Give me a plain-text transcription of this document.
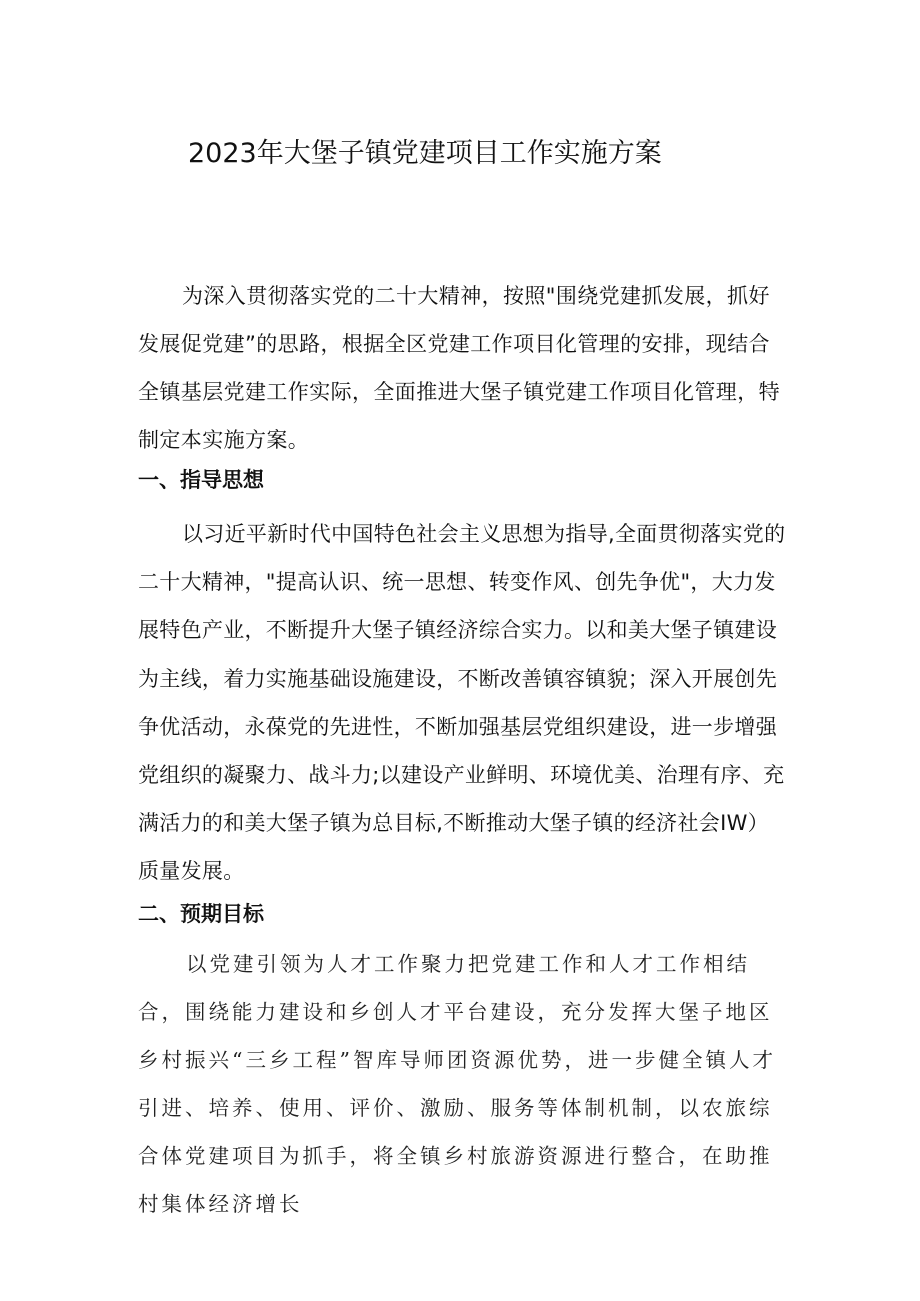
2023年大堡子镇党建项目工作实施方案
为深入贯彻落实党的二十大精神，按照"围绕党建抓发展，抓好发展促党建”的思路，根据全区党建工作项目化管理的安排，现结合全镇基层党建工作实际，全面推进大堡子镇党建工作项目化管理，特制定本实施方案。
一、指导思想
以习近平新时代中国特色社会主义思想为指导,全面贯彻落实党的二十大精神，"提高认识、统一思想、转变作风、创先争优"，大力发展特色产业，不断提升大堡子镇经济综合实力。以和美大堡子镇建设为主线，着力实施基础设施建设，不断改善镇容镇貌；深入开展创先争优活动，永葆党的先进性，不断加强基层党组织建设，进一步增强党组织的凝聚力、战斗力;以建设产业鲜明、环境优美、治理有序、充满活力的和美大堡子镇为总目标,不断推动大堡子镇的经济社会IW）质量发展。
二、预期目标
以党建引领为人才工作聚力把党建工作和人才工作相结合，围绕能力建设和乡创人才平台建设，充分发挥大堡子地区乡村振兴“三乡工程”智库导师团资源优势，进一步健全镇人才引进、培养、使用、评价、激励、服务等体制机制，以农旅综合体党建项目为抓手，将全镇乡村旅游资源进行整合，在助推村集体经济增长
